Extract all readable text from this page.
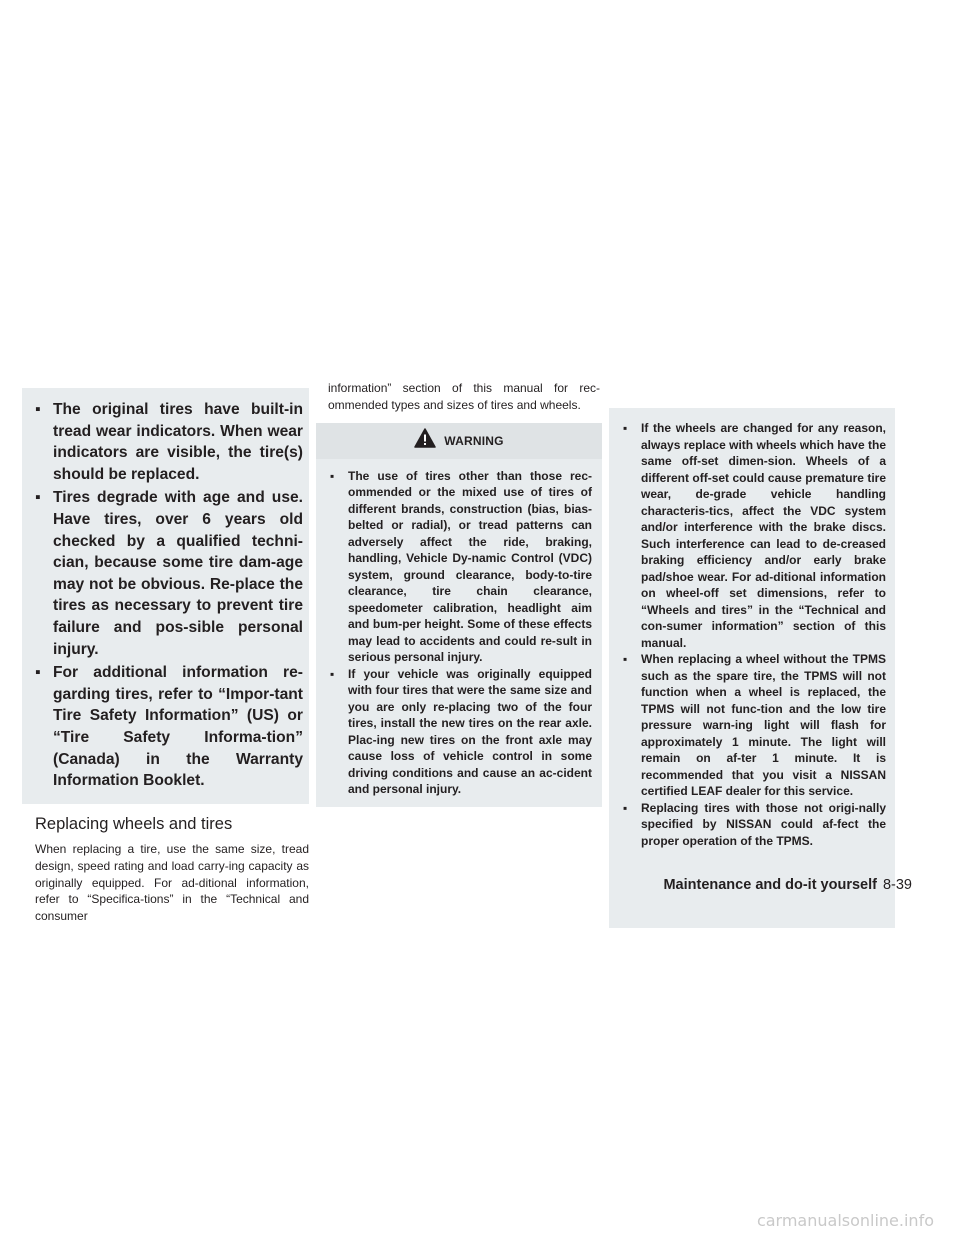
▪ The original tires have built-in tread wear indicators. When wear indicators are visible, the tire(s) should be replaced.
▪ Tires degrade with age and use. Have tires, over 6 years old checked by a qualified techni-cian, because some tire dam-age may not be obvious. Re-place the tires as necessary to prevent tire failure and pos-sible personal injury.
▪ For additional information re-garding tires, refer to “Impor-tant Tire Safety Information” (US) or “Tire Safety Informa-tion” (Canada) in the Warranty Information Booklet.
Replacing wheels and tires

When replacing a tire, use the same size, tread design, speed rating and load carry-ing capacity as originally equipped. For ad-ditional information, refer to “Specifica-tions” in the “Technical and consumer

information” section of this manual for rec-ommended types and sizes of tires and wheels.

WARNING
▪ The use of tires other than those rec-ommended or the mixed use of tires of different brands, construction (bias, bias-belted or radial), or tread patterns can adversely affect the ride, braking, handling, Vehicle Dy-namic Control (VDC) system, ground clearance, body-to-tire clearance, tire chain clearance, speedometer calibration, headlight aim and bum-per height. Some of these effects may lead to accidents and could re-sult in serious personal injury.
▪ If your vehicle was originally equipped with four tires that were the same size and you are only re-placing two of the four tires, install the new tires on the rear axle. Plac-ing new tires on the front axle may cause loss of vehicle control in some driving conditions and cause an ac-cident and personal injury.
▪ If the wheels are changed for any reason, always replace with wheels which have the same off-set dimen-sion. Wheels of a different off-set could cause premature tire wear, de-grade vehicle handling characteris-tics, affect the VDC system and/or interference with the brake discs. Such interference can lead to de-creased braking efficiency and/or early brake pad/shoe wear. For ad-ditional information on wheel-off set dimensions, refer to “Wheels and tires” in the “Technical and con-sumer information” section of this manual.
▪ When replacing a wheel without the TPMS such as the spare tire, the TPMS will not function when a wheel is replaced, the TPMS will not func-tion and the low tire pressure warn-ing light will flash for approximately 1 minute. The light will remain on af-ter 1 minute. It is recommended that you visit a NISSAN certified LEAF dealer for this service.
▪ Replacing tires with those not origi-nally specified by NISSAN could af-fect the proper operation of the TPMS.
Maintenance and do-it yourself 8-39
carmanualsonline.info
